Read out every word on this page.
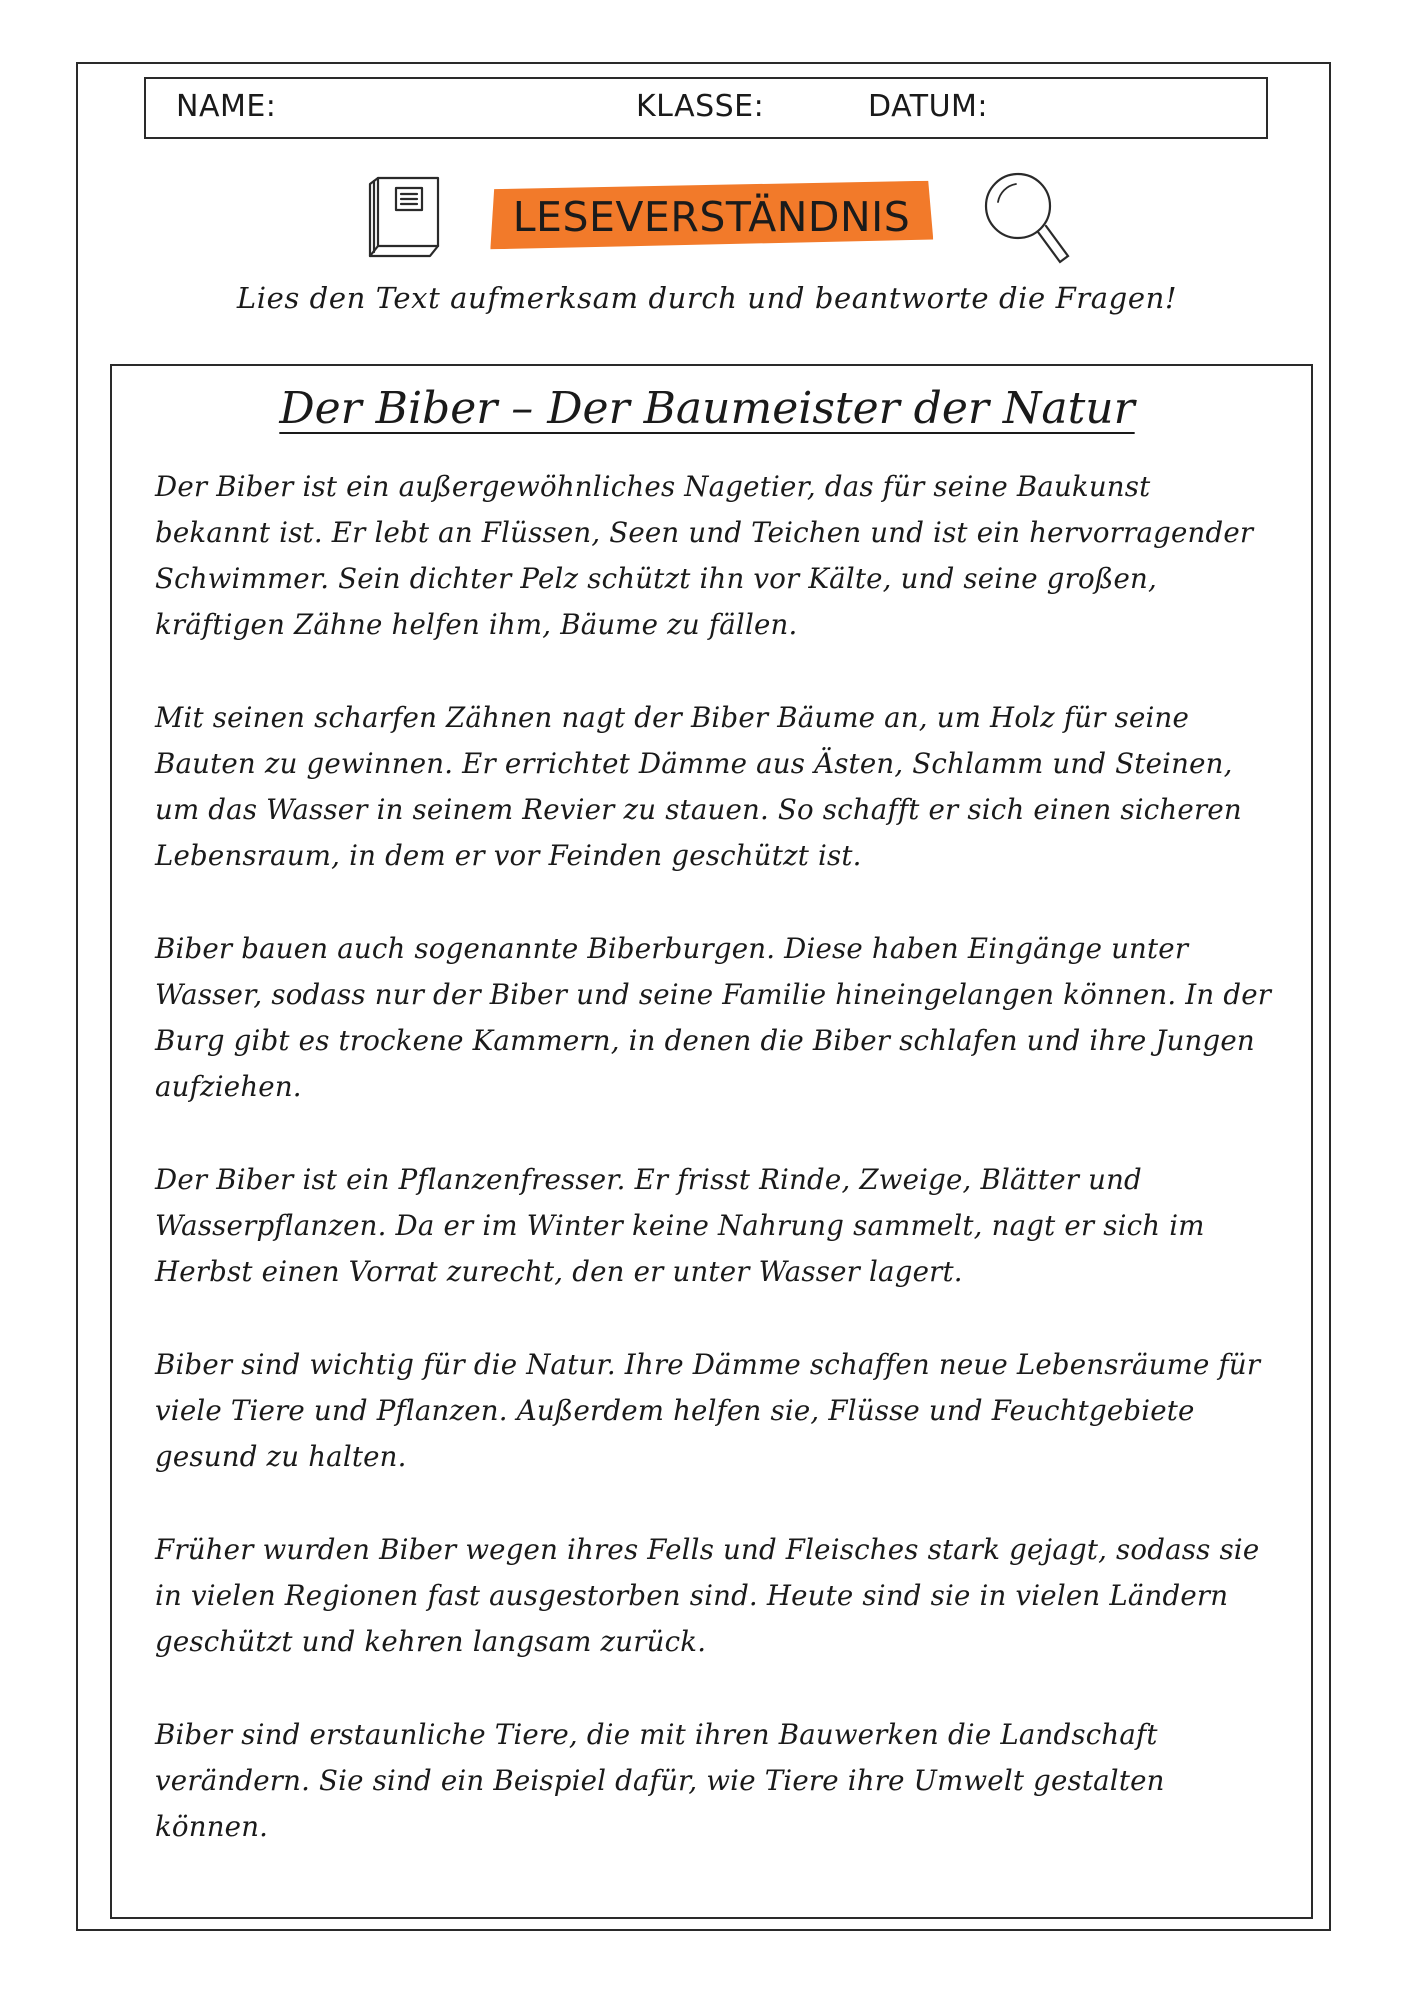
NAME:	KLASSE:	DATUM:
LESEVERSTÄNDNIS
Lies den Text aufmerksam durch und beantworte die Fragen!
Der Biber – Der Baumeister der Natur

Der Biber ist ein außergewöhnliches Nagetier, das für seine Baukunst bekannt ist. Er lebt an Flüssen, Seen und Teichen und ist ein hervorragender Schwimmer. Sein dichter Pelz schützt ihn vor Kälte, und seine großen, kräftigen Zähne helfen ihm, Bäume zu fällen.

Mit seinen scharfen Zähnen nagt der Biber Bäume an, um Holz für seine Bauten zu gewinnen. Er errichtet Dämme aus Ästen, Schlamm und Steinen, um das Wasser in seinem Revier zu stauen. So schafft er sich einen sicheren Lebensraum, in dem er vor Feinden geschützt ist.

Biber bauen auch sogenannte Biberburgen. Diese haben Eingänge unter Wasser, sodass nur der Biber und seine Familie hineingelangen können. In der Burg gibt es trockene Kammern, in denen die Biber schlafen und ihre Jungen aufziehen.

Der Biber ist ein Pflanzenfresser. Er frisst Rinde, Zweige, Blätter und Wasserpflanzen. Da er im Winter keine Nahrung sammelt, nagt er sich im Herbst einen Vorrat zurecht, den er unter Wasser lagert.

Biber sind wichtig für die Natur. Ihre Dämme schaffen neue Lebensräume für viele Tiere und Pflanzen. Außerdem helfen sie, Flüsse und Feuchtgebiete gesund zu halten.

Früher wurden Biber wegen ihres Fells und Fleisches stark gejagt, sodass sie in vielen Regionen fast ausgestorben sind. Heute sind sie in vielen Ländern geschützt und kehren langsam zurück.

Biber sind erstaunliche Tiere, die mit ihren Bauwerken die Landschaft verändern. Sie sind ein Beispiel dafür, wie Tiere ihre Umwelt gestalten können.
